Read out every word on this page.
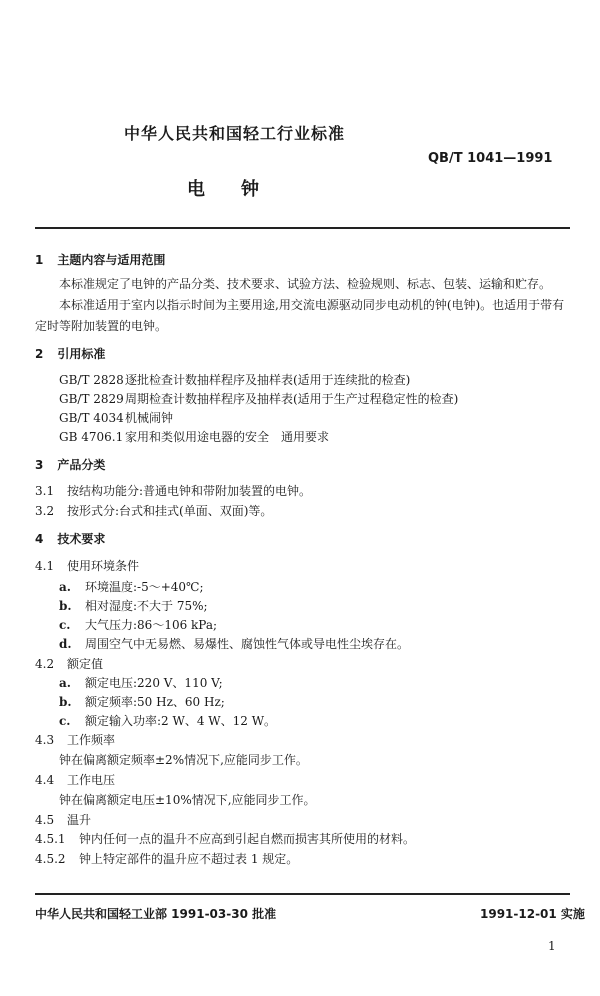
中华人民共和国轻工行业标准
QB/T 1041—1991
电　　钟
1 主题内容与适用范围
本标准规定了电钟的产品分类、技术要求、试验方法、检验规则、标志、包装、运输和贮存。
本标准适用于室内以指示时间为主要用途,用交流电源驱动同步电动机的钟(电钟)。也适用于带有
定时等附加装置的电钟。
2 引用标准
GB/T 2828逐批检查计数抽样程序及抽样表(适用于连续批的检查)
GB/T 2829周期检查计数抽样程序及抽样表(适用于生产过程稳定性的检查)
GB/T 4034机械闹钟
GB 4706.1 家用和类似用途电器的安全　通用要求
3 产品分类
3.1 按结构功能分:普通电钟和带附加装置的电钟。
3.2 按形式分:台式和挂式(单面、双面)等。
4 技术要求
4.1 使用环境条件
a. 环境温度:-5～+40℃;
b. 相对湿度:不大于 75%;
c. 大气压力:86～106 kPa;
d. 周围空气中无易燃、易爆性、腐蚀性气体或导电性尘埃存在。
4.2 额定值
a. 额定电压:220 V、110 V;
b. 额定频率:50 Hz、60 Hz;
c. 额定输入功率:2 W、4 W、12 W。
4.3 工作频率
钟在偏离额定频率±2%情况下,应能同步工作。
4.4 工作电压
钟在偏离额定电压±10%情况下,应能同步工作。
4.5 温升
4.5.1 钟内任何一点的温升不应高到引起自燃而损害其所使用的材料。
4.5.2 钟上特定部件的温升应不超过表 1 规定。
中华人民共和国轻工业部 1991-03-30 批准	1991-12-01 实施
1
